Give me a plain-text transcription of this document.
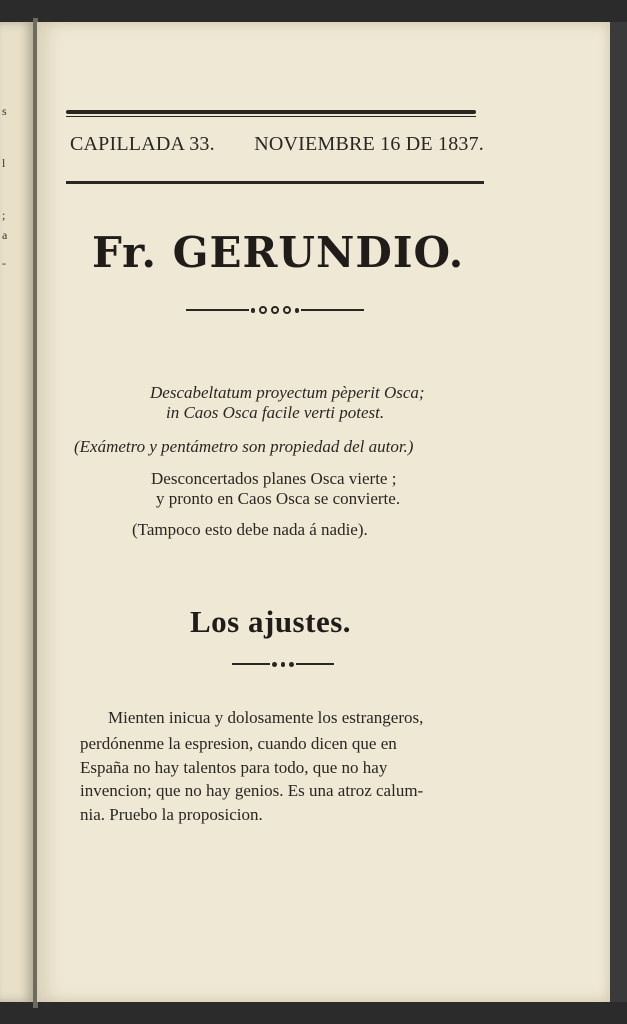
s
l
;
a
-
CAPILLADA 33. NOVIEMBRE 16 DE 1837.
Fr. GERUNDIO.
Descabeltatum proyectum pèperit Osca;
in Caos Osca facile verti potest.
(Exámetro y pentámetro son propiedad del autor.)
Desconcertados planes Osca vierte ;
y pronto en Caos Osca se convierte.
(Tampoco esto debe nada á nadie).
Los ajustes.
Mienten inicua y dolosamente los estrangeros,
perdónenme la espresion, cuando dicen que en
España no hay talentos para todo, que no hay
invencion; que no hay genios. Es una atroz calum-
nia. Pruebo la proposicion.
